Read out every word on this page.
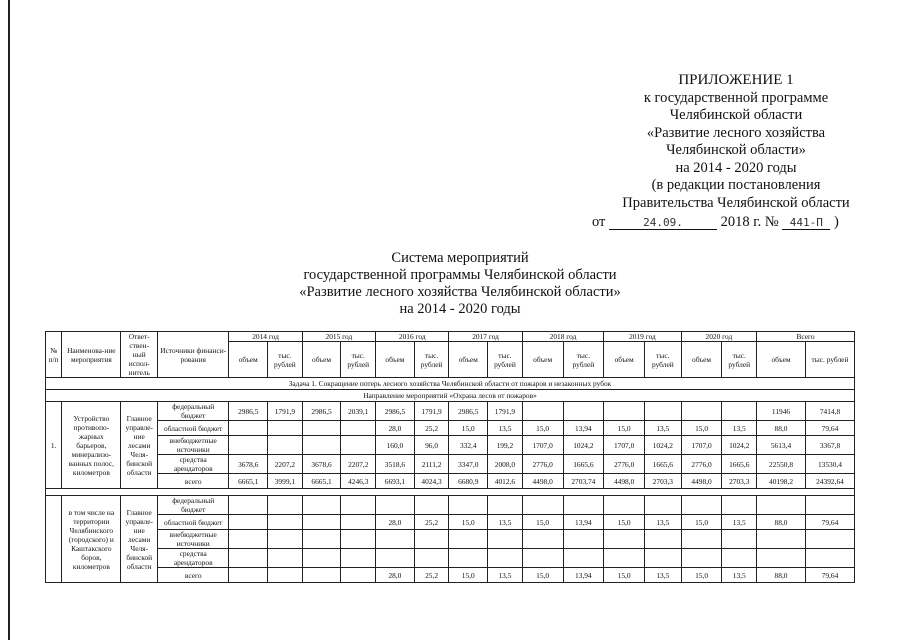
ПРИЛОЖЕНИЕ 1
к государственной программе
Челябинской области
«Развитие лесного хозяйства
Челябинской области»
на 2014 - 2020 годы
(в редакции постановления
Правительства Челябинской области
от	24.09.	2018 г. № 441-П )
Система мероприятий
государственной программы Челябинской области
«Развитие лесного хозяйства Челябинской области»
на 2014 - 2020 годы
№ п/п	Наименова-ние мероприятия	Ответ-ствен-ный испол-нитель	Источники финанси-рования	2014 год		2015 год		2016 год		2017 год		2018 год		2019 год		2020 год		Всего	
				объем	тыс. рублей	объем	тыс. рублей	объем	тыс. рублей	объем	тыс. рублей	объем	тыс. рублей	объем	тыс. рублей	объем	тыс. рублей	объем	тыс. рублей
Задача 1. Сокращение потерь лесного хозяйства Челябинской области от пожаров и незаконных рубок																			
Направление мероприятий «Охрана лесов от пожаров»																			
1.	Устройство противопо-жарных барьеров, минерализо-ванных полос, километров	Главное управле-ние лесами Челя-бинской области	федеральный бюджет	2986,5	1791,9	2986,5	2039,1	2986,5	1791,9	2986,5	1791,9							11946	7414,8
			областной бюджет					28,0	25,2	15,0	13,5	15,0	13,94	15,0	13,5	15,0	13,5	88,0	79,64
			внебюджетные источники					160,0	96,0	332,4	199,2	1707,0	1024,2	1707,0	1024,2	1707,0	1024,2	5613,4	3367,8
			средства арендаторов	3678,6	2207,2	3678,6	2207,2	3518,6	2111,2	3347,0	2008,0	2776,0	1665,6	2776,0	1665,6	2776,0	1665,6	22550,8	13530,4
			всего	6665,1	3999,1	6665,1	4246,3	6693,1	4024,3	6680,9	4012,6	4498,0	2703,74	4498,0	2703,3	4498,0	2703,3	40198,2	24392,64

	в том числе на территории Челябинского (городского) и Каштакского боров, километров	Главное управле-ние лесами Челя-бинской области	федеральный бюджет																
			областной бюджет					28,0	25,2	15,0	13,5	15,0	13,94	15,0	13,5	15,0	13,5	88,0	79,64
			внебюджетные источники																
			средства арендаторов																
			всего					28,0	25,2	15,0	13,5	15,0	13,94	15,0	13,5	15,0	13,5	88,0	79,64
